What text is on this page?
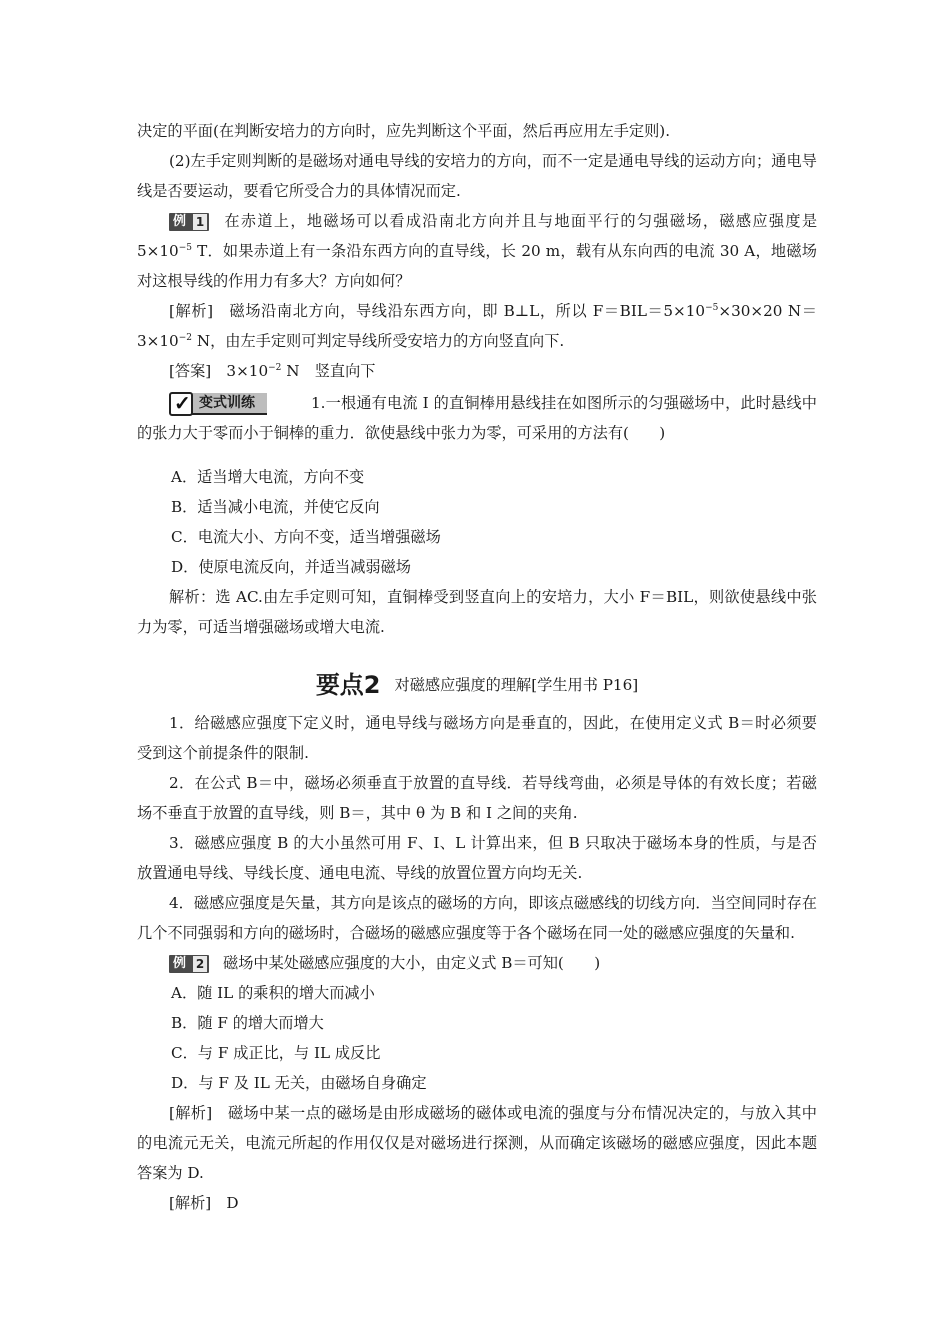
决定的平面(在判断安培力的方向时，应先判断这个平面，然后再应用左手定则).

(2)左手定则判断的是磁场对通电导线的安培力的方向，而不一定是通电导线的运动方向；通电导线是否要运动，要看它所受合力的具体情况而定.

例 1 在赤道上，地磁场可以看成沿南北方向并且与地面平行的匀强磁场，磁感应强度是 $5\times 10^{-5}$ T．如果赤道上有一条沿东西方向的直导线，长 20 m，载有从东向西的电流 30 A，地磁场对这根导线的作用力有多大？方向如何？

[解析]　磁场沿南北方向，导线沿东西方向，即 B⊥L，所以 $F=BIL=5\times 10^{-5}\times 30\times 20$ $N=3\times 10^{-2}$ N，由左手定则可判定导线所受安培力的方向竖直向下.

[答案]　$3\times 10^{-2}$ N　竖直向下

✓ 变式训练	1.一根通有电流 I 的直铜棒用悬线挂在如图所示的匀强磁场中，此时悬线中的张力大于零而小于铜棒的重力．欲使悬线中张力为零，可采用的方法有(　　)

A．适当增大电流，方向不变

B．适当减小电流，并使它反向

C．电流大小、方向不变，适当增强磁场

D．使原电流反向，并适当减弱磁场

解析：选 AC.由左手定则可知，直铜棒受到竖直向上的安培力，大小 F＝BIL，则欲使悬线中张力为零，可适当增强磁场或增大电流.

要点2 对磁感应强度的理解[学生用书 P16]

1．给磁感应强度下定义时，通电导线与磁场方向是垂直的，因此，在使用定义式 B＝时必须要受到这个前提条件的限制.

2．在公式 B＝中，磁场必须垂直于放置的直导线．若导线弯曲，必须是导体的有效长度；若磁场不垂直于放置的直导线，则 B＝，其中 θ 为 B 和 I 之间的夹角.

3．磁感应强度 B 的大小虽然可用 F、I、L 计算出来，但 B 只取决于磁场本身的性质，与是否放置通电导线、导线长度、通电电流、导线的放置位置方向均无关.

4．磁感应强度是矢量，其方向是该点的磁场的方向，即该点磁感线的切线方向．当空间同时存在几个不同强弱和方向的磁场时，合磁场的磁感应强度等于各个磁场在同一处的磁感应强度的矢量和.

例 2 磁场中某处磁感应强度的大小，由定义式 B＝可知(　　)

A．随 IL 的乘积的增大而减小

B．随 F 的增大而增大

C．与 F 成正比，与 IL 成反比

D．与 F 及 IL 无关，由磁场自身确定

[解析]　磁场中某一点的磁场是由形成磁场的磁体或电流的强度与分布情况决定的，与放入其中的电流元无关，电流元所起的作用仅仅是对磁场进行探测，从而确定该磁场的磁感应强度，因此本题答案为 D.

[解析]　D
